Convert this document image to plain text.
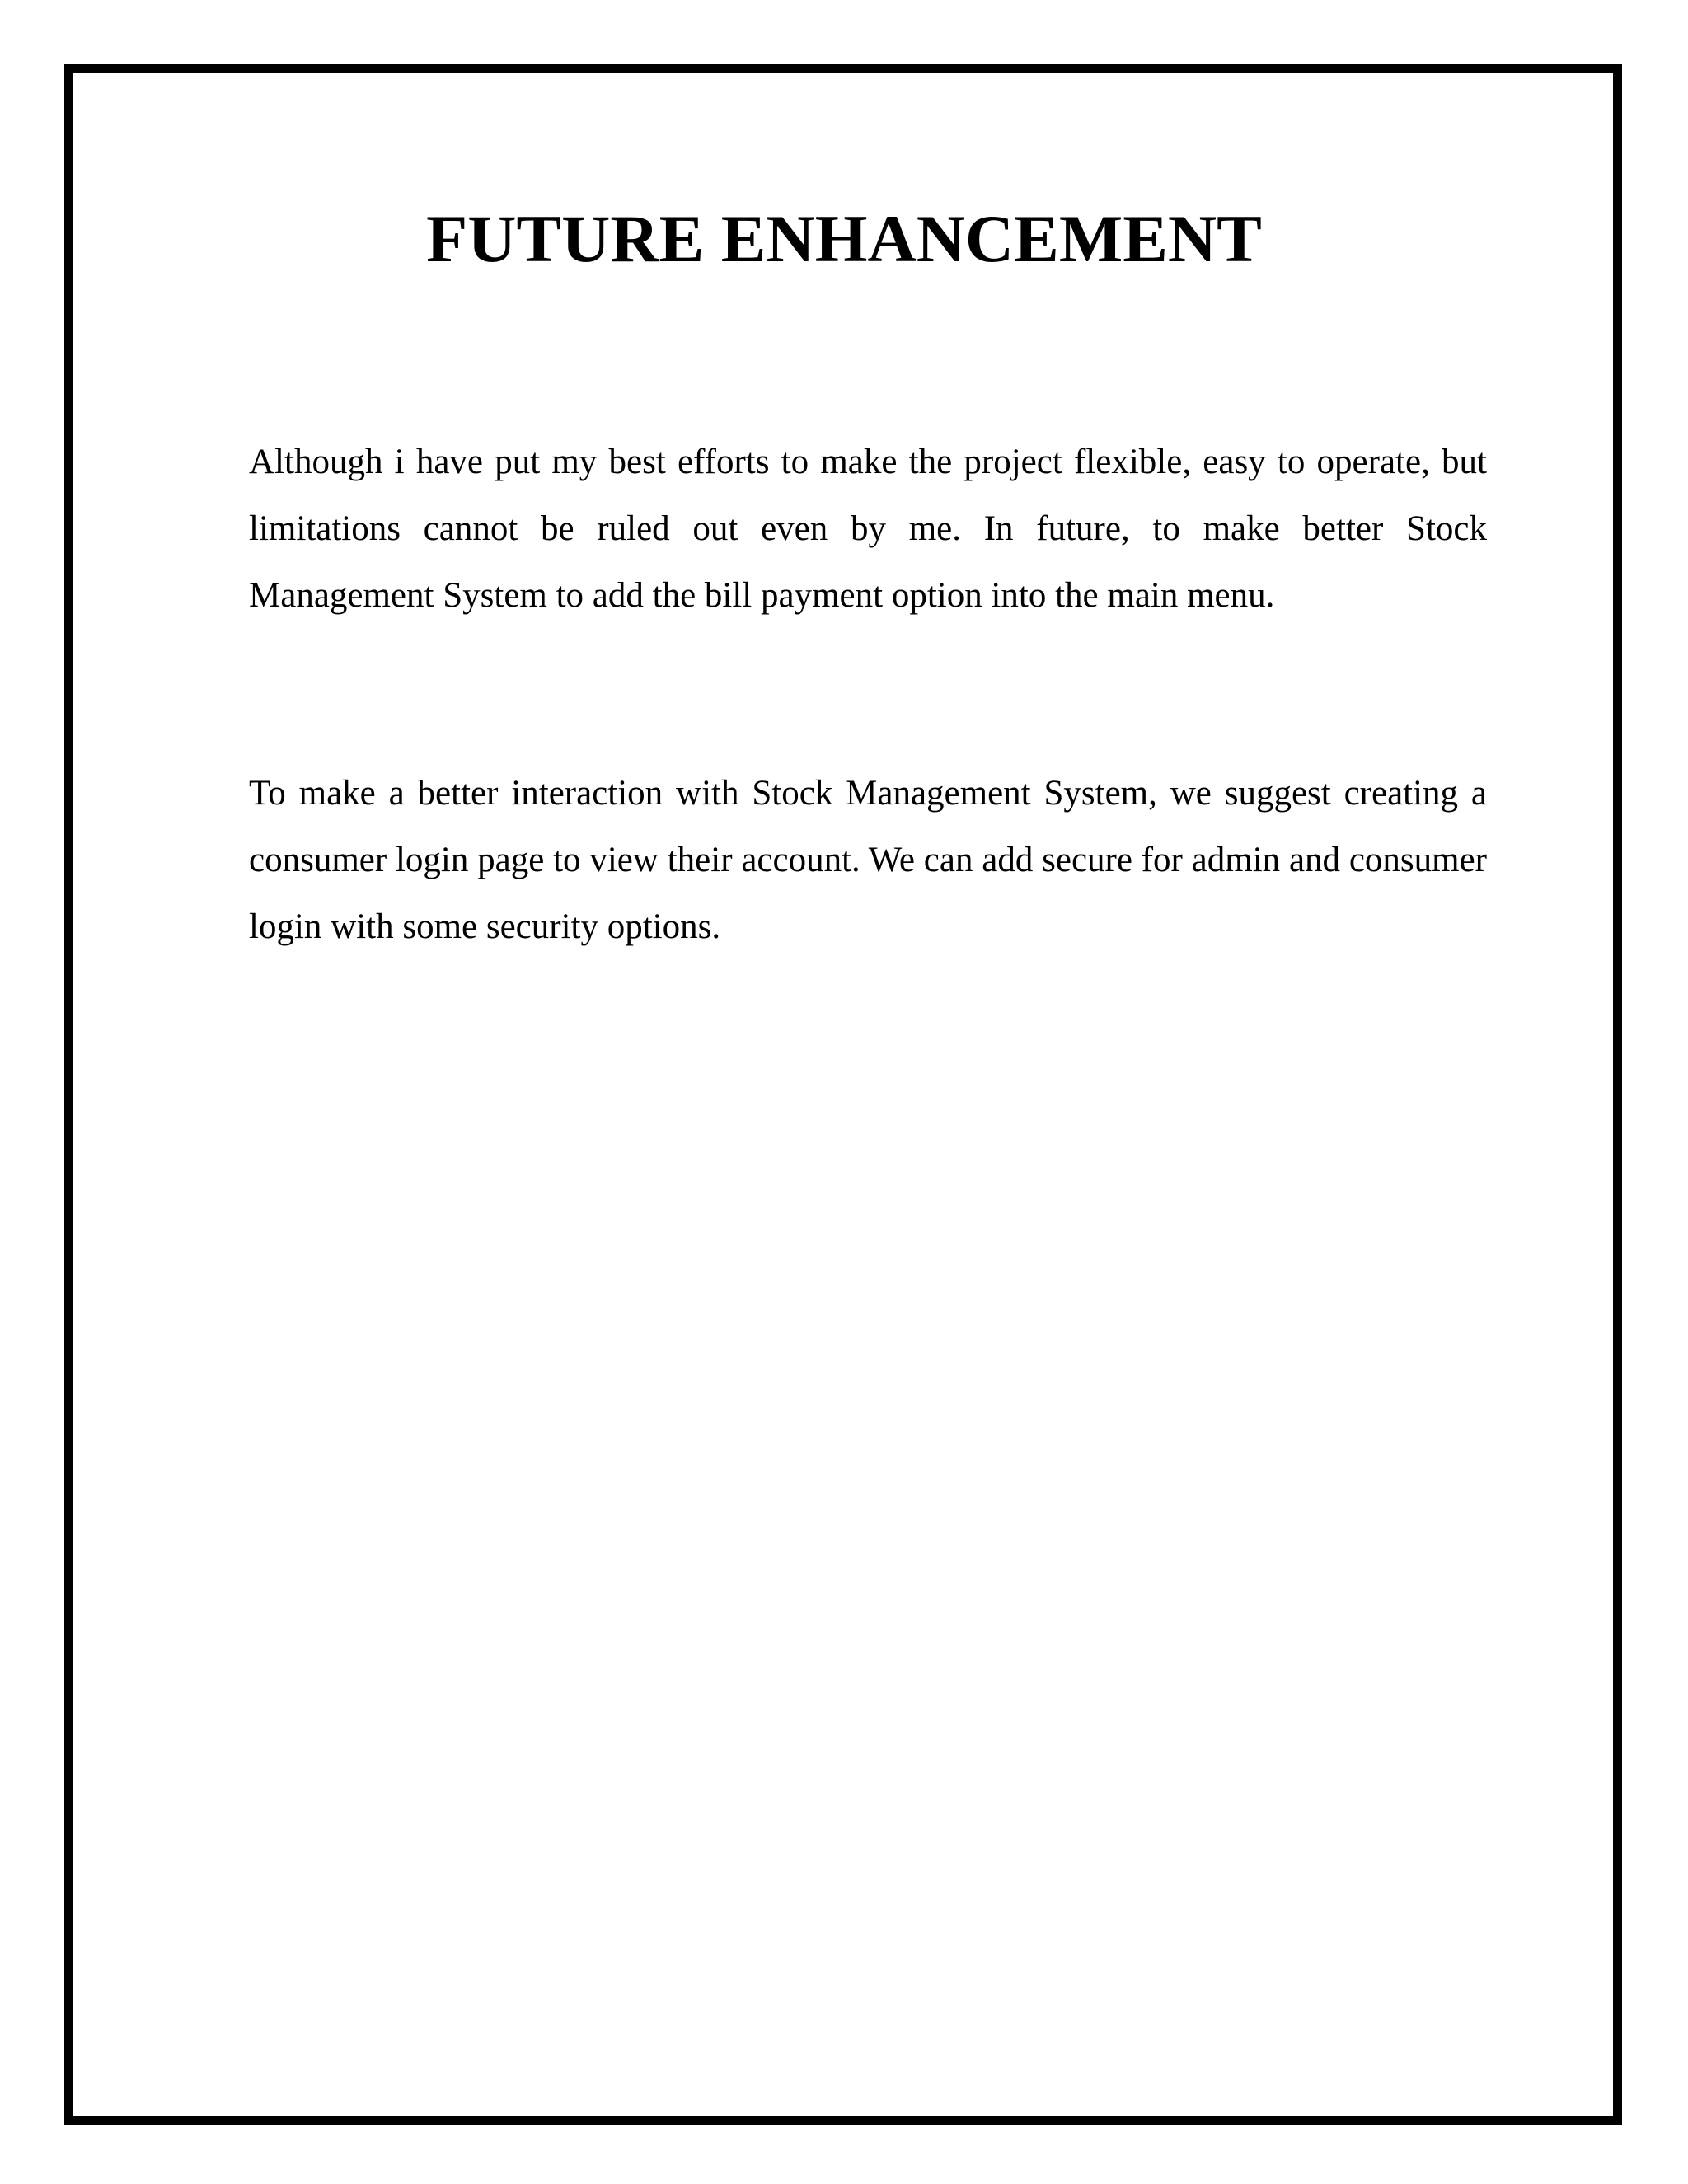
FUTURE ENHANCEMENT

Although i have put my best efforts to make the project flexible, easy to operate, but limitations cannot be ruled out even by me. In future, to make better Stock Management System to add the bill payment option into the main menu.

To make a better interaction with Stock Management System, we suggest creating a consumer login page to view their account. We can add secure for admin and consumer login with some security options.
